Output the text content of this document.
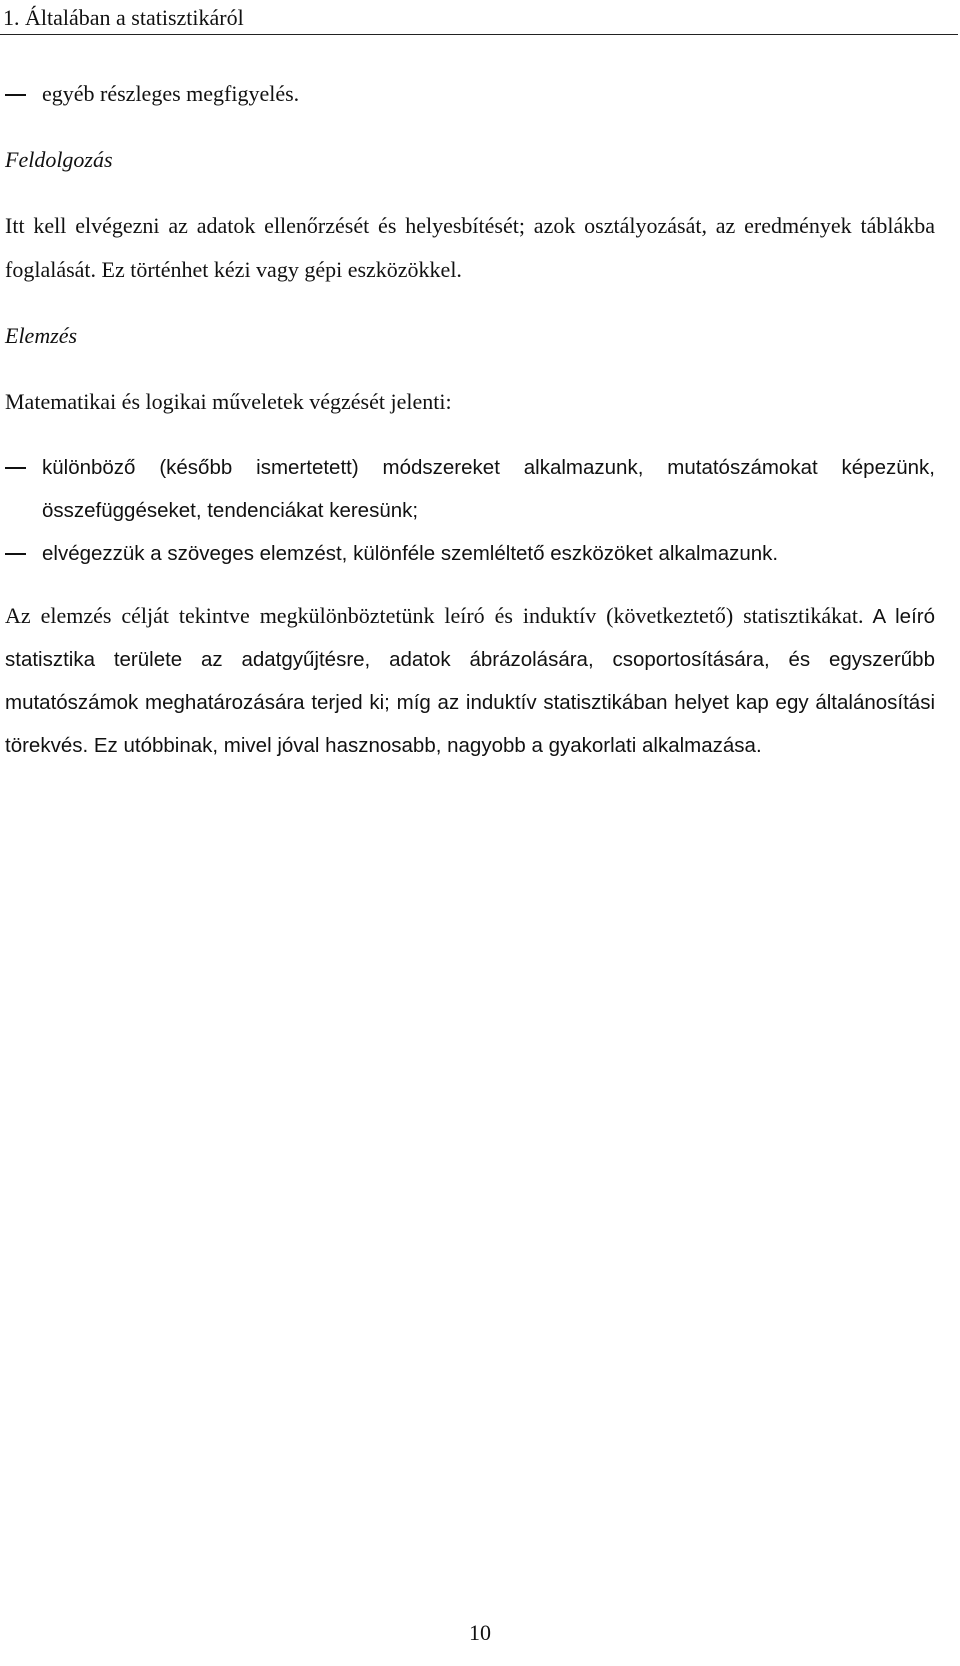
1. Általában a statisztikáról

egyéb részleges megfigyelés.

Feldolgozás

Itt kell elvégezni az adatok ellenőrzését és helyesbítését; azok osztályozását, az eredmények táblákba foglalását. Ez történhet kézi vagy gépi eszközökkel.

Elemzés

Matematikai és logikai műveletek végzését jelenti:

különböző (később ismertetett) módszereket alkalmazunk, mutatószámokat képezünk, összefüggéseket, tendenciákat keresünk;

elvégezzük a szöveges elemzést, különféle szemléltető eszközöket alkalmazunk.

Az elemzés célját tekintve megkülönböztetünk leíró és induktív (következtető) statisztikákat. A leíró statisztika területe az adatgyűjtésre, adatok ábrázolására, csoportosítására, és egyszerűbb mutatószámok meghatározására terjed ki; míg az induktív statisztikában helyet kap egy általánosítási törekvés. Ez utóbbinak, mivel jóval hasznosabb, nagyobb a gyakorlati alkalmazása.

10
